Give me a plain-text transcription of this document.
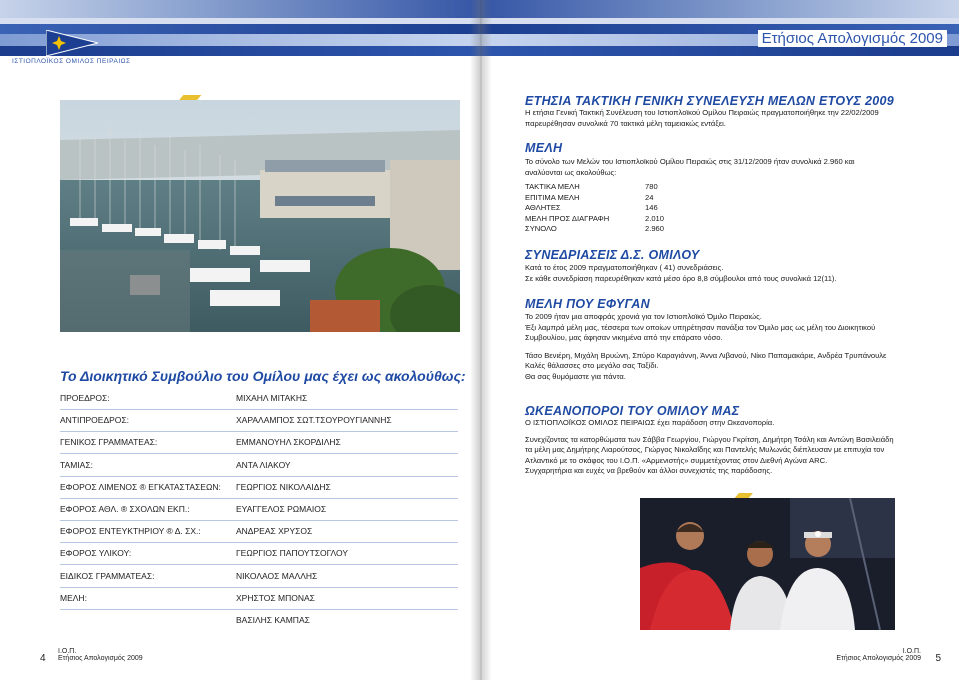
ΙΣΤΙΟΠΛΟΪΚΟΣ ΟΜΙΛΟΣ ΠΕΙΡΑΙΩΣ
Το Διοικητικό Συμβούλιο του Ομίλου μας έχει ως ακολούθως:
ΠΡΟΕΔΡΟΣ:	ΜΙΧΑΗΛ ΜΙΤΑΚΗΣ
ΑΝΤΙΠΡΟΕΔΡΟΣ:	ΧΑΡΑΛΑΜΠΟΣ ΣΩΤ.ΤΣΟΥΡΟΥΓΙΑΝΝΗΣ
ΓΕΝΙΚΟΣ ΓΡΑΜΜΑΤΕΑΣ:	ΕΜΜΑΝΟΥΗΛ ΣΚΟΡΔΙΛΗΣ
ΤΑΜΙΑΣ:	ΑΝΤΑ ΛΙΑΚΟΥ
ΕΦΟΡΟΣ ΛΙΜΕΝΟΣ ® ΕΓΚΑΤΑΣΤΑΣΕΩΝ: ΓΕΩΡΓΙΟΣ ΝΙΚΟΛΑΙΔΗΣ
ΕΦΟΡΟΣ ΑΘΛ. ® ΣΧΟΛΩΝ ΕΚΠ.:	ΕΥΑΓΓΕΛΟΣ ΡΩΜΑΙΟΣ
ΕΦΟΡΟΣ ΕΝΤΕΥΚΤΗΡΙΟΥ ® Δ. ΣΧ.:	ΑΝΔΡΕΑΣ ΧΡΥΣΟΣ
ΕΦΟΡΟΣ ΥΛΙΚΟΥ:	ΓΕΩΡΓΙΟΣ ΠΑΠΟΥΤΣΟΓΛΟΥ
ΕΙΔΙΚΟΣ ΓΡΑΜΜΑΤΕΑΣ:	ΝΙΚΟΛΑΟΣ ΜΑΛΛΗΣ
ΜΕΛΗ:	ΧΡΗΣΤΟΣ ΜΠΟΝΑΣ
ΒΑΣΙΛΗΣ ΚΑΜΠΑΣ
4
Ι.Ο.Π.
Ετήσιος Απολογισμός 2009
Ετήσιος Απολογισμός 2009
ΕΤΗΣΙΑ ΤΑΚΤΙΚΗ ΓΕΝΙΚΗ ΣΥΝΕΛΕΥΣΗ ΜΕΛΩΝ ΕΤΟΥΣ 2009

Η ετήσια Γενική Τακτική Συνέλευση του Ιστιοπλοϊκού Ομίλου Πειραιώς πραγματοποιήθηκε την 22/02/2009

παρευρέθησαν συνολικά 70 τακτικά μέλη ταμειακώς εντάξει.

ΜΕΛΗ

Το σύνολο των Μελών του Ιστιοπλοϊκού Ομίλου Πειραιώς στις 31/12/2009 ήταν συνολικά 2.960 και

αναλύονται ως ακολούθως:

ΤΑΚΤΙΚΑ ΜΕΛΗ	780
ΕΠΙΤΙΜΑ ΜΕΛΗ	24
ΑΘΛΗΤΕΣ	146
ΜΕΛΗ ΠΡΟΣ ΔΙΑΓΡΑΦΗ	2.010
ΣΥΝΟΛΟ	2.960
ΣΥΝΕΔΡΙΑΣΕΙΣ Δ.Σ. ΟΜΙΛΟΥ

Κατά το έτος 2009 πραγματοποιήθηκαν ( 41) συνεδριάσεις.

Σε κάθε συνεδρίαση παρευρέθηκαν κατά μέσο όρο 8,8 σύμβουλοι από τους συνολικά 12(11).

ΜΕΛΗ ΠΟΥ ΕΦΥΓΑΝ

Το 2009 ήταν μια αποφράς χρονιά για τον Ιστιοπλοϊκό Όμιλο Πειραιώς.

Έξι λαμπρά μέλη μας, τέσσερα των οποίων υπηρέτησαν πανάξια τον Όμιλο μας ως μέλη του Διοικητικού

Συμβουλίου, μας άφησαν νικημένα από την επάρατο νόσο.

Τάσο Βενιέρη, Μιχάλη Βρυώνη, Σπύρο Καραγιάννη, Άννα Λιβανού, Νίκο Παπαμακάριε, Ανδρέα Τρυπάνουλε

Καλές θάλασσες στο μεγάλο σας Ταξίδι.

Θα σας θυμόμαστε για πάντα.

ΩΚΕΑΝΟΠΟΡΟΙ ΤΟΥ ΟΜΙΛΟΥ ΜΑΣ

Ο ΙΣΤΙΟΠΛΟΪΚΟΣ ΟΜΙΛΟΣ ΠΕΙΡΑΙΩΣ έχει παράδοση στην Ωκεανοπορία.

Συνεχίζοντας τα κατορθώματα των Σάββα Γεωργίου, Γιώργου Γκρίτση, Δημήτρη Τσάλη και Αντώνη Βασιλειάδη

τα μέλη μας Δημήτρης Λιαρούτσος, Γιώργος Νικολαΐδης και Παντελής Μυλωνάς διέπλευσαν με επιτυχία τον

Ατλαντικό με το σκάφος του Ι.Ο.Π. «Αρμενιστής» συμμετέχοντας στον Διεθνή Αγώνα ARC.

Συγχαρητήρια και ευχές να βρεθούν και άλλοι συνεχιστές της παράδοσης.

5
Ι.Ο.Π.
Ετήσιος Απολογισμός 2009
